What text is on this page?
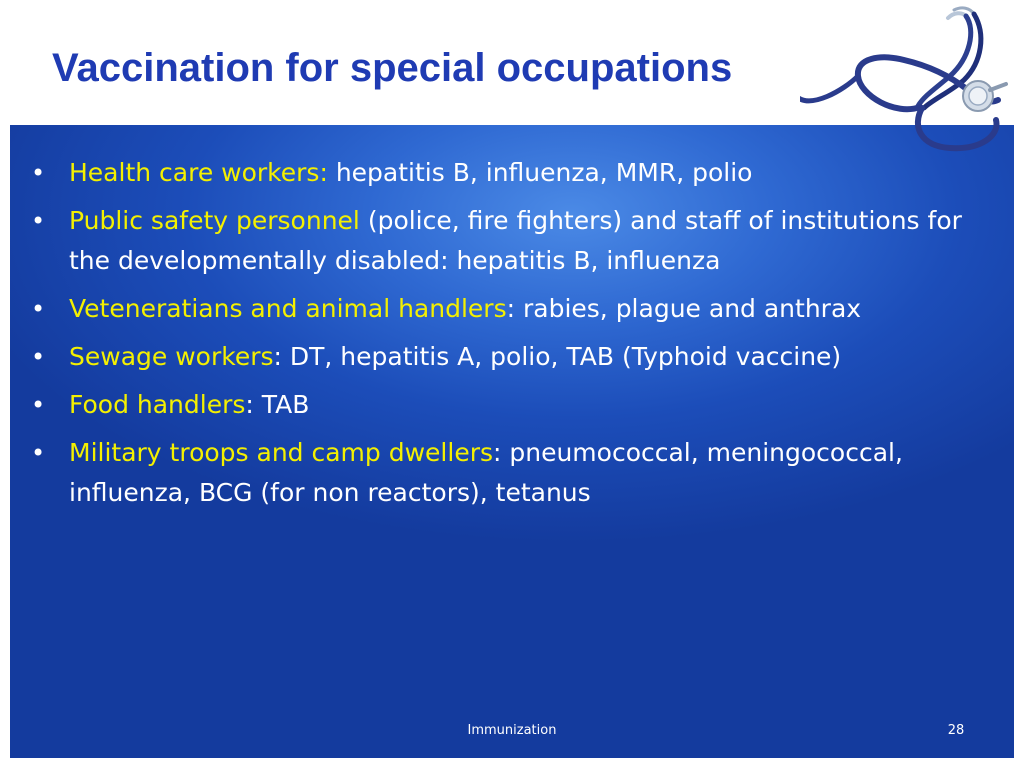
Vaccination for special occupations
• Health care workers: hepatitis B, influenza, MMR, polio
• Public safety personnel (police, fire fighters) and staff of institutions for the developmentally disabled: hepatitis B, influenza
• Veteneratians and animal handlers: rabies, plague and anthrax
• Sewage workers: DT, hepatitis A, polio, TAB (Typhoid vaccine)
• Food handlers: TAB
• Military troops and camp dwellers: pneumococcal, meningococcal, influenza, BCG (for non reactors), tetanus
Immunization	28
